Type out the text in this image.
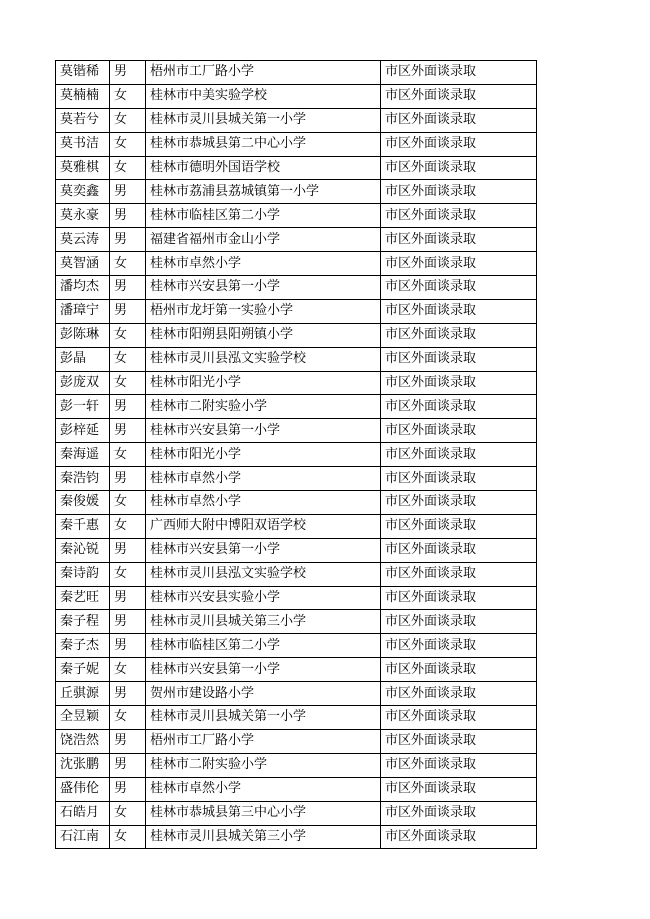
莫锴稀	男	梧州市工厂路小学	市区外面谈录取
莫楠楠	女	桂林市中美实验学校	市区外面谈录取
莫若兮	女	桂林市灵川县城关第一小学	市区外面谈录取
莫书洁	女	桂林市恭城县第二中心小学	市区外面谈录取
莫雅棋	女	桂林市德明外国语学校	市区外面谈录取
莫奕鑫	男	桂林市荔浦县荔城镇第一小学	市区外面谈录取
莫永豪	男	桂林市临桂区第二小学	市区外面谈录取
莫云涛	男	福建省福州市金山小学	市区外面谈录取
莫智涵	女	桂林市卓然小学	市区外面谈录取
潘均杰	男	桂林市兴安县第一小学	市区外面谈录取
潘璋宁	男	梧州市龙圩第一实验小学	市区外面谈录取
彭陈琳	女	桂林市阳朔县阳朔镇小学	市区外面谈录取
彭晶	女	桂林市灵川县泓文实验学校	市区外面谈录取
彭庞双	女	桂林市阳光小学	市区外面谈录取
彭一轩	男	桂林市二附实验小学	市区外面谈录取
彭梓延	男	桂林市兴安县第一小学	市区外面谈录取
秦海遥	女	桂林市阳光小学	市区外面谈录取
秦浩钧	男	桂林市卓然小学	市区外面谈录取
秦俊媛	女	桂林市卓然小学	市区外面谈录取
秦千惠	女	广西师大附中博阳双语学校	市区外面谈录取
秦沁锐	男	桂林市兴安县第一小学	市区外面谈录取
秦诗韵	女	桂林市灵川县泓文实验学校	市区外面谈录取
秦艺旺	男	桂林市兴安县实验小学	市区外面谈录取
秦子程	男	桂林市灵川县城关第三小学	市区外面谈录取
秦子杰	男	桂林市临桂区第二小学	市区外面谈录取
秦子妮	女	桂林市兴安县第一小学	市区外面谈录取
丘骐源	男	贺州市建设路小学	市区外面谈录取
全昱颖	女	桂林市灵川县城关第一小学	市区外面谈录取
饶浩然	男	梧州市工厂路小学	市区外面谈录取
沈张鹏	男	桂林市二附实验小学	市区外面谈录取
盛伟伦	男	桂林市卓然小学	市区外面谈录取
石皓月	女	桂林市恭城县第三中心小学	市区外面谈录取
石江南	女	桂林市灵川县城关第三小学	市区外面谈录取
